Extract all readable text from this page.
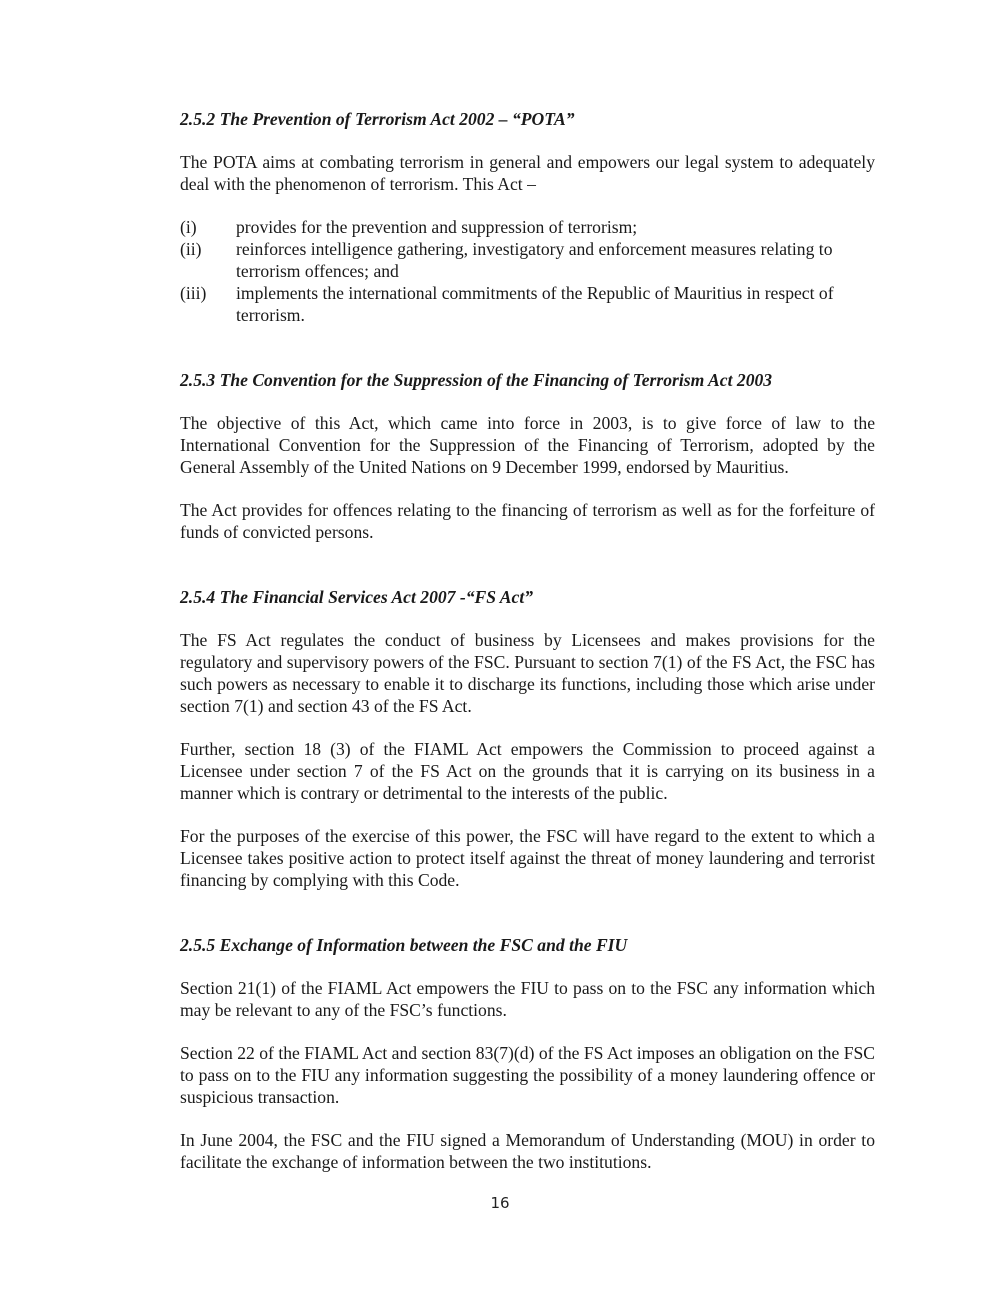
2.5.2 The Prevention of Terrorism Act 2002 – “POTA”

The POTA aims at combating terrorism in general and empowers our legal system to adequately deal with the phenomenon of terrorism. This Act –

(i)	provides for the prevention and suppression of terrorism;
(ii)	reinforces intelligence gathering, investigatory and enforcement measures relating to terrorism offences; and
(iii)	implements the international commitments of the Republic of Mauritius in respect of terrorism.
2.5.3 The Convention for the Suppression of the Financing of Terrorism Act 2003

The objective of this Act, which came into force in 2003, is to give force of law to the International Convention for the Suppression of the Financing of Terrorism, adopted by the General Assembly of the United Nations on 9 December 1999, endorsed by Mauritius.

The Act provides for offences relating to the financing of terrorism as well as for the forfeiture of funds of convicted persons.

2.5.4 The Financial Services Act 2007 -“FS Act”

The FS Act regulates the conduct of business by Licensees and makes provisions for the regulatory and supervisory powers of the FSC. Pursuant to section 7(1) of the FS Act, the FSC has such powers as necessary to enable it to discharge its functions, including those which arise under section 7(1) and section 43 of the FS Act.

Further, section 18 (3) of the FIAML Act empowers the Commission to proceed against a Licensee under section 7 of the FS Act on the grounds that it is carrying on its business in a manner which is contrary or detrimental to the interests of the public.

For the purposes of the exercise of this power, the FSC will have regard to the extent to which a Licensee takes positive action to protect itself against the threat of money laundering and terrorist financing by complying with this Code.

2.5.5 Exchange of Information between the FSC and the FIU

Section 21(1) of the FIAML Act empowers the FIU to pass on to the FSC any information which may be relevant to any of the FSC’s functions.

Section 22 of the FIAML Act and section 83(7)(d) of the FS Act imposes an obligation on the FSC to pass on to the FIU any information suggesting the possibility of a money laundering offence or suspicious transaction.

In June 2004, the FSC and the FIU signed a Memorandum of Understanding (MOU) in order to facilitate the exchange of information between the two institutions.

16
